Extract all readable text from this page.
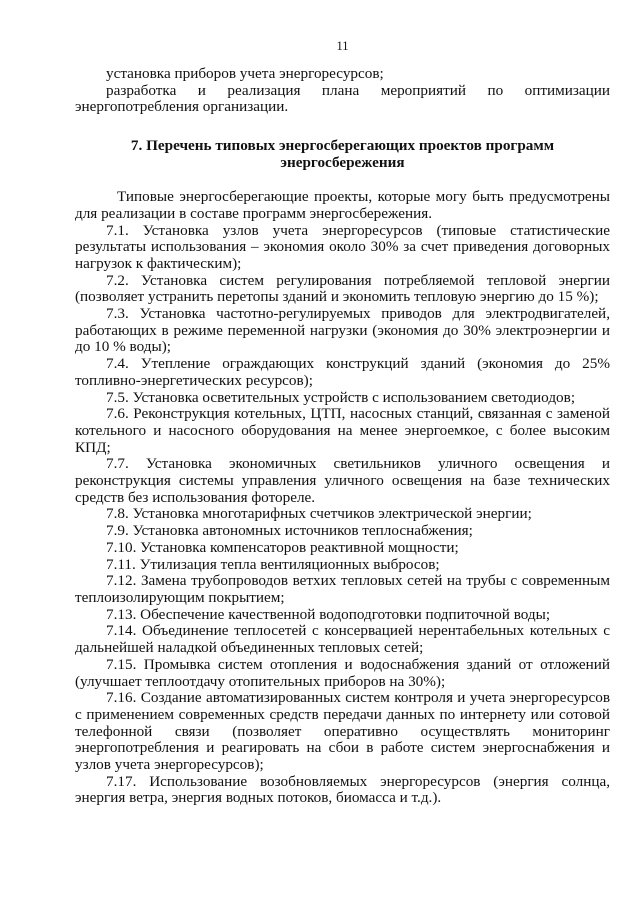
11

установка приборов учета энергоресурсов;

разработка и реализация плана мероприятий по оптимизации энергопотребления организации.

7. Перечень типовых энергосберегающих проектов программ энергосбережения

Типовые энергосберегающие проекты, которые могу быть предусмотрены для реализации в составе программ энергосбережения.

7.1. Установка узлов учета энергоресурсов (типовые статистические результаты использования – экономия около 30% за счет приведения договорных нагрузок к фактическим);

7.2. Установка систем регулирования потребляемой тепловой энергии (позволяет устранить перетопы зданий и экономить тепловую энергию до 15 %);

7.3. Установка частотно-регулируемых приводов для электродвигателей, работающих в режиме переменной нагрузки (экономия до 30% электроэнергии и до 10 % воды);

7.4. Утепление ограждающих конструкций зданий (экономия до 25% топливно-энергетических ресурсов);

7.5. Установка осветительных устройств с использованием светодиодов;

7.6. Реконструкция котельных, ЦТП, насосных станций, связанная с заменой котельного и насосного оборудования на менее энергоемкое, с более высоким КПД;

7.7. Установка экономичных светильников уличного освещения и реконструкция системы управления уличного освещения на базе технических средств без использования фотореле.

7.8. Установка многотарифных счетчиков электрической энергии;

7.9. Установка автономных источников теплоснабжения;

7.10. Установка компенсаторов реактивной мощности;

7.11. Утилизация тепла вентиляционных выбросов;

7.12. Замена трубопроводов ветхих тепловых сетей на трубы с современным теплоизолирующим покрытием;

7.13. Обеспечение качественной водоподготовки подпиточной воды;

7.14. Объединение теплосетей с консервацией нерентабельных котельных с дальнейшей наладкой объединенных тепловых сетей;

7.15. Промывка систем отопления и водоснабжения зданий от отложений (улучшает теплоотдачу отопительных приборов на 30%);

7.16. Создание автоматизированных систем контроля и учета энергоресурсов с применением современных средств передачи данных по интернету или сотовой телефонной связи (позволяет оперативно осуществлять мониторинг энергопотребления и реагировать на сбои в работе систем энергоснабжения и узлов учета энергоресурсов);

7.17. Использование возобновляемых энергоресурсов (энергия солнца, энергия ветра, энергия водных потоков, биомасса и т.д.).
